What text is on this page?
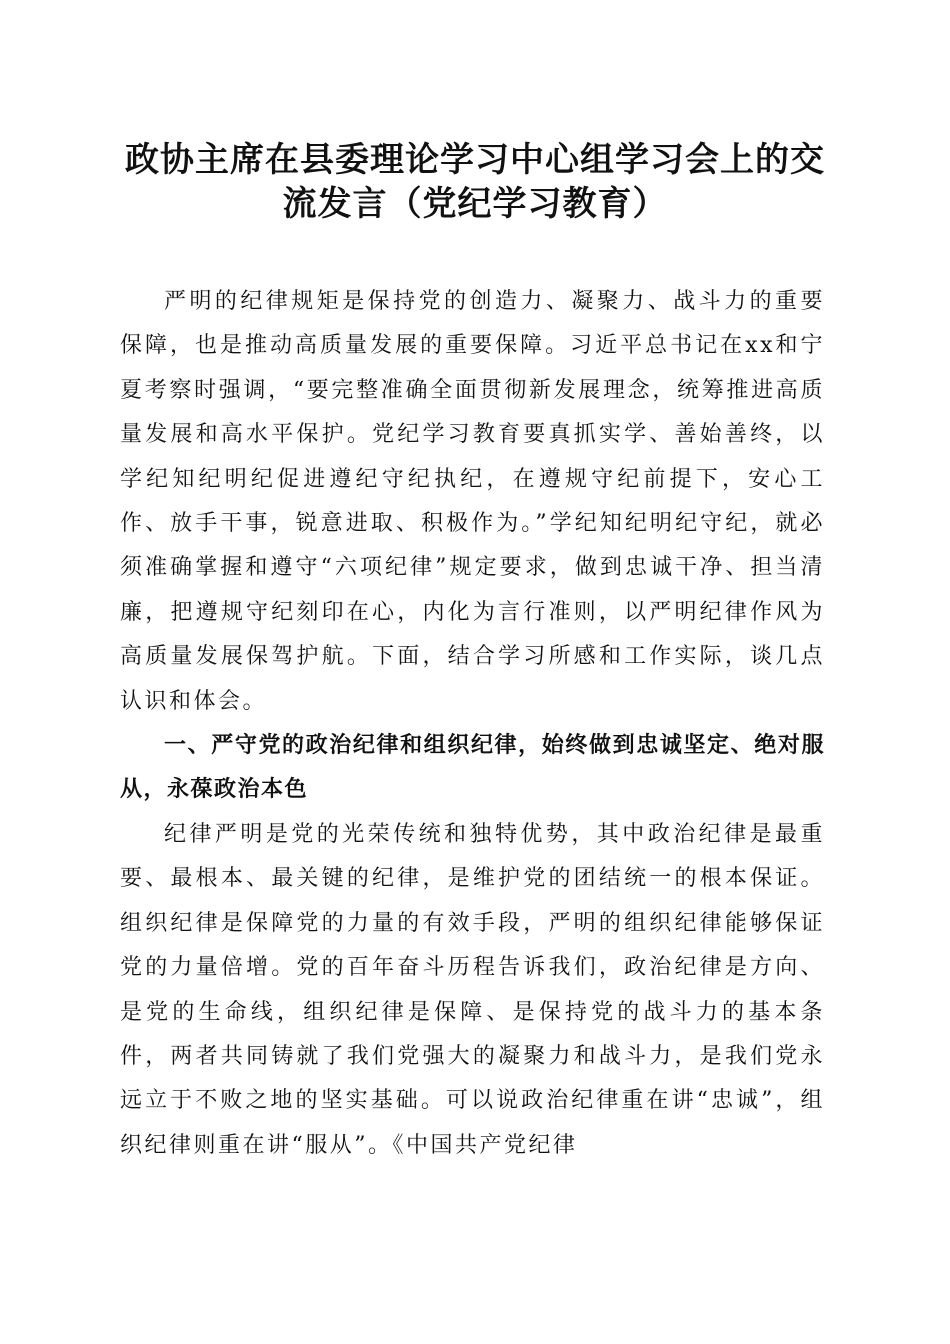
政协主席在县委理论学习中心组学习会上的交流发言（党纪学习教育）

严明的纪律规矩是保持党的创造力、凝聚力、战斗力的重要保障，也是推动高质量发展的重要保障。习近平总书记在xx和宁夏考察时强调，“要完整准确全面贯彻新发展理念，统筹推进高质量发展和高水平保护。党纪学习教育要真抓实学、善始善终，以学纪知纪明纪促进遵纪守纪执纪，在遵规守纪前提下，安心工作、放手干事，锐意进取、积极作为。”学纪知纪明纪守纪，就必须准确掌握和遵守“六项纪律”规定要求，做到忠诚干净、担当清廉，把遵规守纪刻印在心，内化为言行准则，以严明纪律作风为高质量发展保驾护航。下面，结合学习所感和工作实际，谈几点认识和体会。

一、严守党的政治纪律和组织纪律，始终做到忠诚坚定、绝对服从，永葆政治本色

纪律严明是党的光荣传统和独特优势，其中政治纪律是最重要、最根本、最关键的纪律，是维护党的团结统一的根本保证。组织纪律是保障党的力量的有效手段，严明的组织纪律能够保证党的力量倍增。党的百年奋斗历程告诉我们，政治纪律是方向、是党的生命线，组织纪律是保障、是保持党的战斗力的基本条件，两者共同铸就了我们党强大的凝聚力和战斗力，是我们党永远立于不败之地的坚实基础。可以说政治纪律重在讲“忠诚”，组织纪律则重在讲“服从”。《中国共产党纪律
